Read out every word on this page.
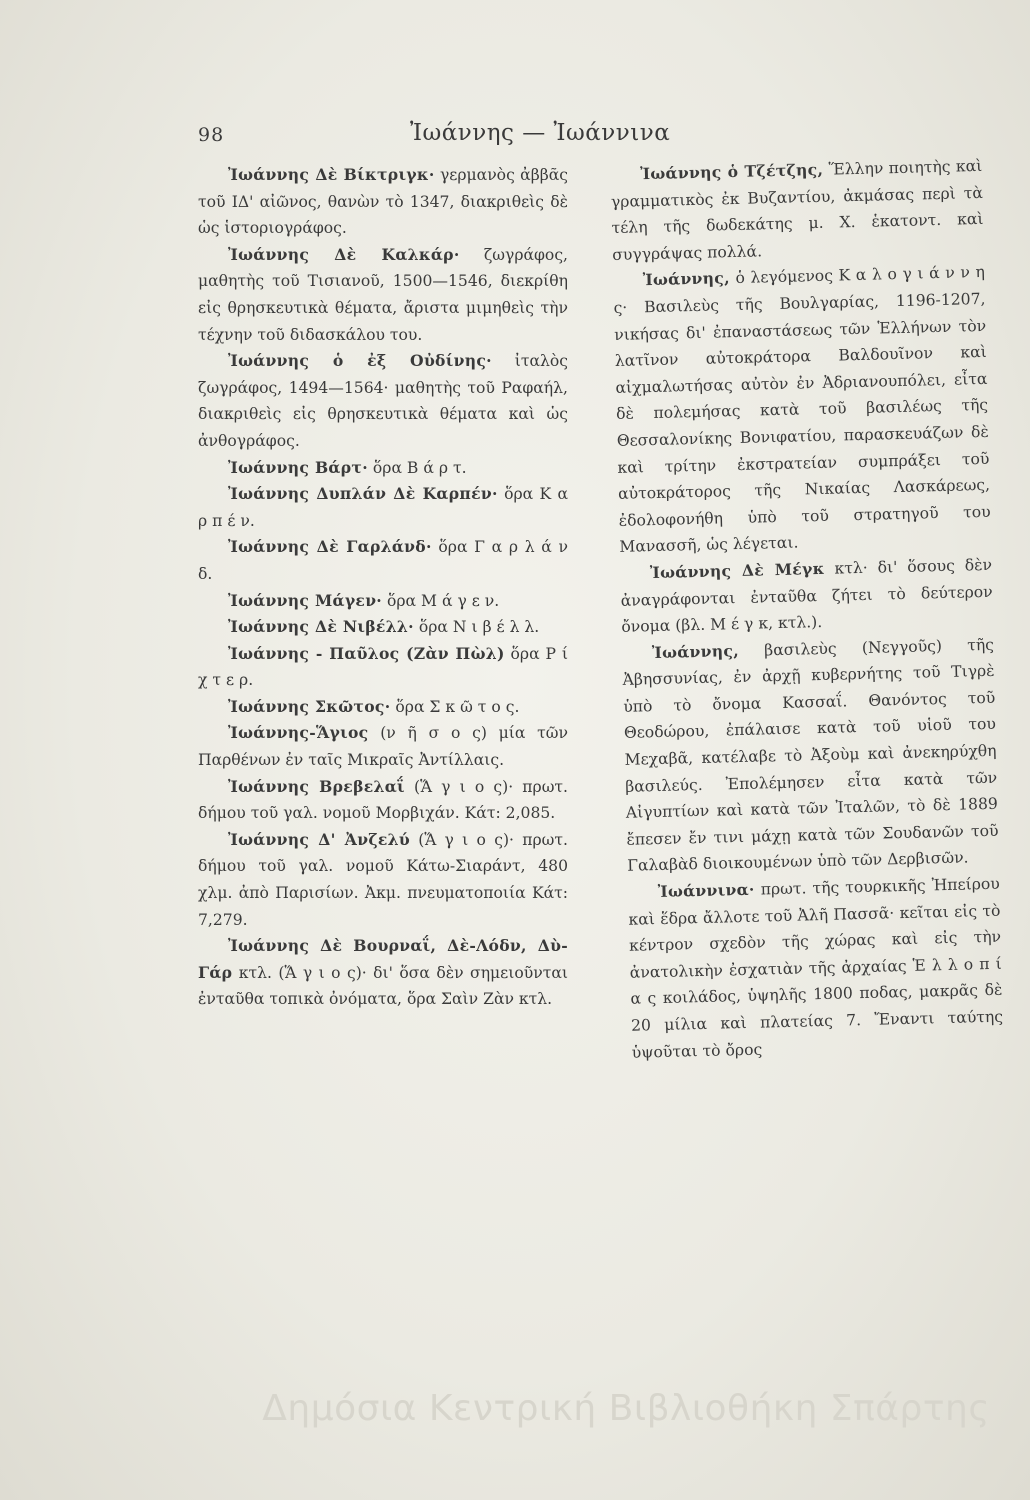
98	Ἰωάννης — Ἰωάννινα

Ἰωάννης Δὲ Βίκτριγκ· γερμανὸς ἀββᾶς τοῦ ΙΔ' αἰῶνος, θανὼν τὸ 1347, διακριθεὶς δὲ ὡς ἱστοριογράφος.

Ἰωάννης Δὲ Καλκάρ· ζωγράφος, μαθητὴς τοῦ Τισιανοῦ, 1500—1546, διεκρίθη εἰς θρησκευτικὰ θέματα, ἄριστα μιμηθεὶς τὴν τέχνην τοῦ διδασκάλου του.

Ἰωάννης ὁ ἐξ Οὐδίνης· ἰταλὸς ζωγράφος, 1494—1564· μαθητὴς τοῦ Ραφαήλ, διακριθεὶς εἰς θρησκευτικὰ θέματα καὶ ὡς ἀνθογράφος.

Ἰωάννης Βάρτ· ὅρα Β ά ρ τ.

Ἰωάννης Δυπλάν Δὲ Καρπέν· ὅρα Κ α ρ π έ ν.

Ἰωάννης Δὲ Γαρλάνδ· ὅρα Γ α ρ λ ά ν δ.

Ἰωάννης Μάγεν· ὅρα Μ ά γ ε ν.

Ἰωάννης Δὲ Νιβέλλ· ὅρα Ν ι β έ λ λ.

Ἰωάννης - Παῦλος (Ζὰν Πὼλ) ὅρα Ρ ί χ τ ε ρ.

Ἰωάννης Σκῶτος· ὅρα Σ κ ῶ τ ο ς.

Ἰωάννης-Ἅγιος (ν ῆ σ ο ς) μία τῶν Παρθένων ἐν ταῖς Μικραῖς Ἀντίλλαις.

Ἰωάννης Βρεβελαΐ (Ἅ γ ι ο ς)· πρωτ. δήμου τοῦ γαλ. νομοῦ Μορβιχάν. Κάτ: 2,085.

Ἰωάννης Δ' Ἀνζελύ (Ἅ γ ι ο ς)· πρωτ. δήμου τοῦ γαλ. νομοῦ Κάτω-Σιαράντ, 480 χλμ. ἀπὸ Παρισίων. Ἀκμ. πνευματοποιία Κάτ: 7,279.

Ἰωάννης Δὲ Βουρναΐ, Δὲ-Λόδν, Δὺ-Γάρ κτλ. (Ἅ γ ι ο ς)· δι' ὅσα δὲν σημειοῦνται ἐνταῦθα τοπικὰ ὀνόματα, ὅρα Σαὶν Ζὰν κτλ.

Ἰωάννης ὁ Τζέτζης, Ἕλλην ποιητὴς καὶ γραμματικὸς ἐκ Βυζαντίου, ἀκμάσας περὶ τὰ τέλη τῆς δωδεκάτης μ. Χ. ἑκατοντ. καὶ συγγράψας πολλά.

Ἰωάννης, ὁ λεγόμενος Κ α λ ο γ ι ά ν ν η ς· Βασιλεὺς τῆς Βουλγαρίας, 1196-1207, νικήσας δι' ἐπαναστάσεως τῶν Ἑλλήνων τὸν λατῖνον αὐτοκράτορα Βαλδουῖνον καὶ αἰχμαλωτήσας αὐτὸν ἐν Ἀδριανουπόλει, εἶτα δὲ πολεμήσας κατὰ τοῦ βασιλέως τῆς Θεσσαλονίκης Βονιφατίου, παρασκευάζων δὲ καὶ τρίτην ἐκστρατείαν συμπράξει τοῦ αὐτοκράτορος τῆς Νικαίας Λασκάρεως, ἐδολοφονήθη ὑπὸ τοῦ στρατηγοῦ του Μανασσῆ, ὡς λέγεται.

Ἰωάννης Δὲ Μέγκ κτλ· δι' ὅσους δὲν ἀναγράφονται ἐνταῦθα ζήτει τὸ δεύτερον ὄνομα (βλ. Μ έ γ κ, κτλ.).

Ἰωάννης, βασιλεὺς (Νεγγοῦς) τῆς Ἀβησσυνίας, ἐν ἀρχῇ κυβερνήτης τοῦ Τιγρὲ ὑπὸ τὸ ὄνομα Κασσαΐ. Θανόντος τοῦ Θεοδώρου, ἐπάλαισε κατὰ τοῦ υἱοῦ του Μεχαβᾶ, κατέλαβε τὸ Ἀξοὺμ καὶ ἀνεκηρύχθη βασιλεύς. Ἐπολέμησεν εἶτα κατὰ τῶν Αἰγυπτίων καὶ κατὰ τῶν Ἰταλῶν, τὸ δὲ 1889 ἔπεσεν ἔν τινι μάχῃ κατὰ τῶν Σουδανῶν τοῦ Γαλαβὰδ διοικουμένων ὑπὸ τῶν Δερβισῶν.

Ἰωάννινα· πρωτ. τῆς τουρκικῆς Ἠπείρου καὶ ἕδρα ἄλλοτε τοῦ Ἀλῆ Πασσᾶ· κεῖται εἰς τὸ κέντρον σχεδὸν τῆς χώρας καὶ εἰς τὴν ἀνατολικὴν ἐσχατιὰν τῆς ἀρχαίας Ἑ λ λ ο π ί α ς κοιλάδος, ὑψηλῆς 1800 ποδας, μακρᾶς δὲ 20 μίλια καὶ πλατείας 7. Ἔναντι ταύτης ὑψοῦται τὸ ὄρος

Δημόσια Κεντρική Βιβλιοθήκη Σπάρτης
